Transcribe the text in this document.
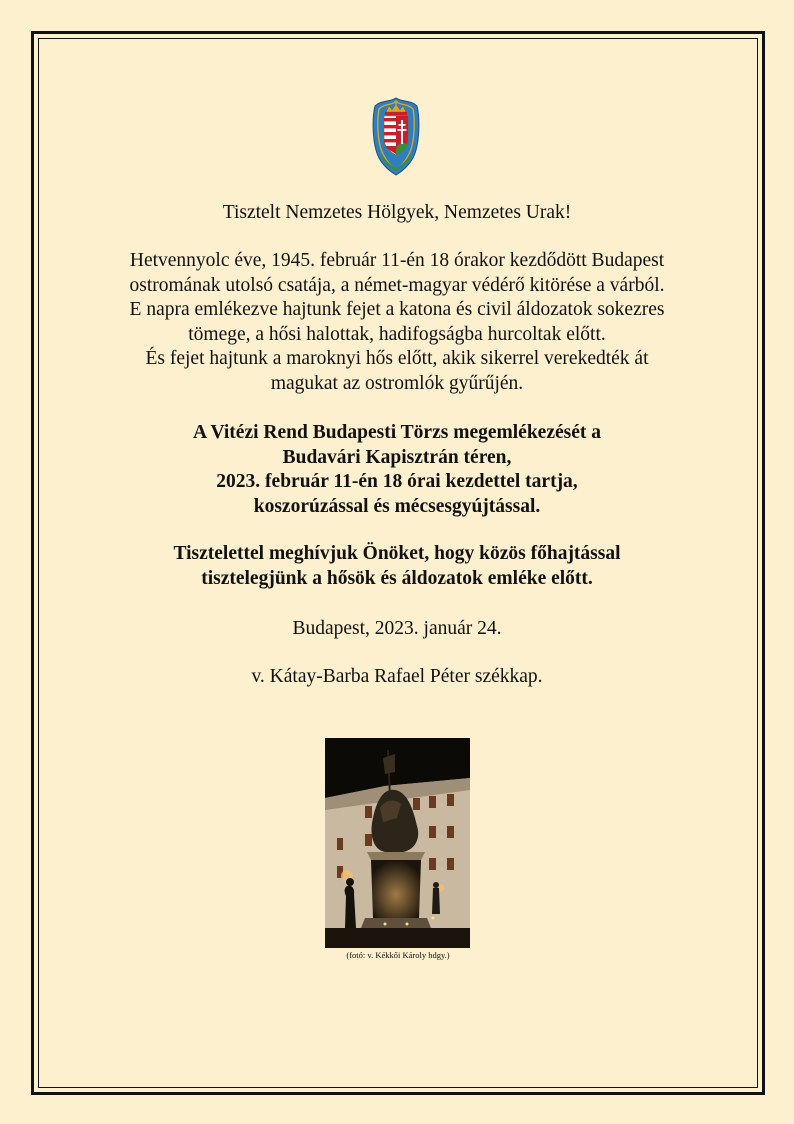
Tisztelt Nemzetes Hölgyek, Nemzetes Urak!

Hetvennyolc éve, 1945. február 11-én 18 órakor kezdődött Budapest
ostromának utolsó csatája, a német-magyar védérő kitörése a várból.
E napra emlékezve hajtunk fejet a katona és civil áldozatok sokezres
tömege, a hősi halottak, hadifogságba hurcoltak előtt.
És fejet hajtunk a maroknyi hős előtt, akik sikerrel verekedték át
magukat az ostromlók gyűrűjén.

A Vitézi Rend Budapesti Törzs megemlékezését a
Budavári Kapisztrán téren,
2023. február 11-én 18 órai kezdettel tartja,
koszorúzással és mécsesgyújtással.

Tisztelettel meghívjuk Önöket, hogy közös főhajtással
tisztelegjünk a hősök és áldozatok emléke előtt.

Budapest, 2023. január 24.

v. Kátay-Barba Rafael Péter székkap.

(fotó: v. Kékkői Károly hdgy.)
